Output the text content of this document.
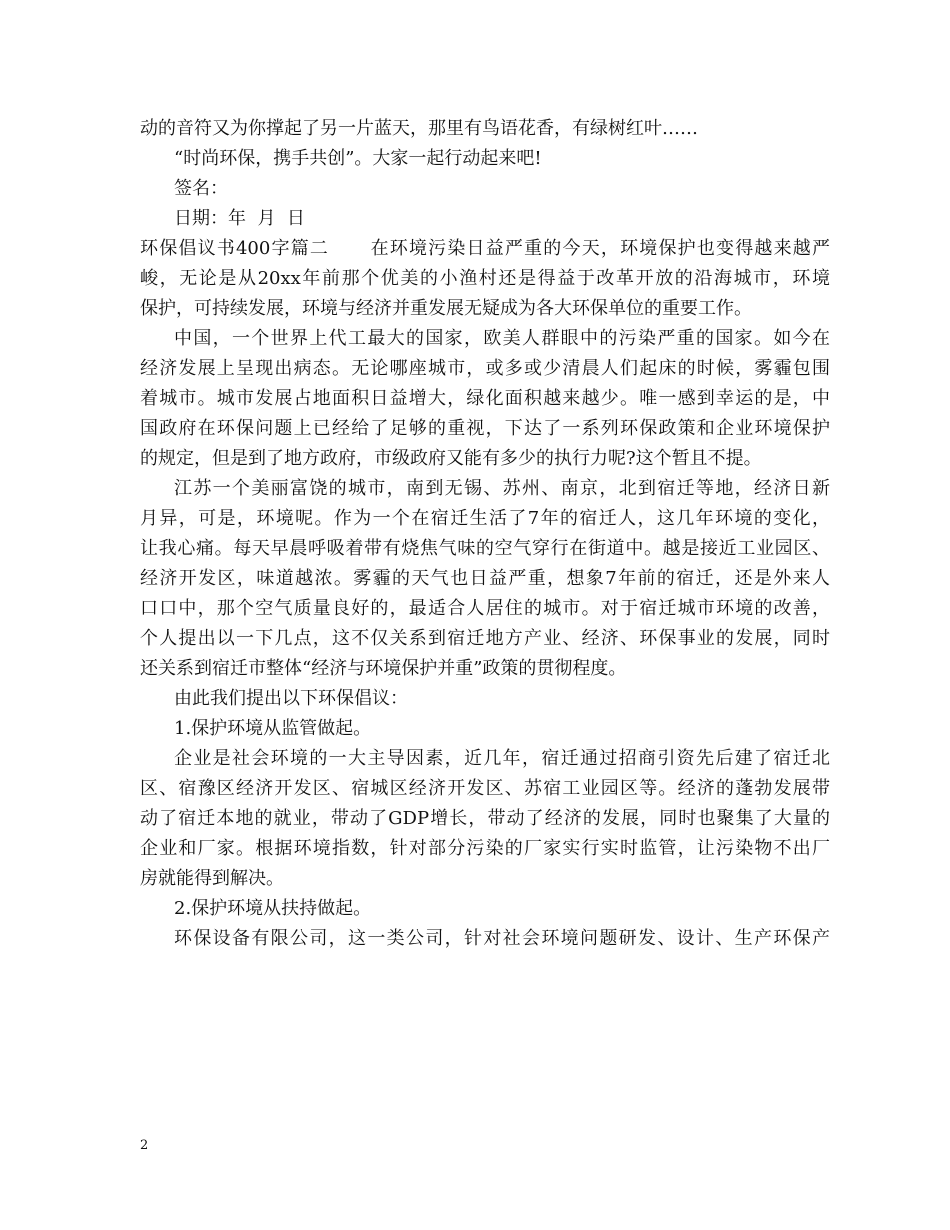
动的音符又为你撑起了另一片蓝天，那里有鸟语花香，有绿树红叶……

“时尚环保，携手共创”。大家一起行动起来吧!

签名：

日期：年  月  日

环保倡议书400字篇二      在环境污染日益严重的今天，环境保护也变得越来越严

峻，无论是从20xx年前那个优美的小渔村还是得益于改革开放的沿海城市，环境

保护，可持续发展，环境与经济并重发展无疑成为各大环保单位的重要工作。

中国，一个世界上代工最大的国家，欧美人群眼中的污染严重的国家。如今在

经济发展上呈现出病态。无论哪座城市，或多或少清晨人们起床的时候，雾霾包围

着城市。城市发展占地面积日益增大，绿化面积越来越少。唯一感到幸运的是，中

国政府在环保问题上已经给了足够的重视，下达了一系列环保政策和企业环境保护

的规定，但是到了地方政府，市级政府又能有多少的执行力呢?这个暂且不提。

江苏一个美丽富饶的城市，南到无锡、苏州、南京，北到宿迁等地，经济日新

月异，可是，环境呢。作为一个在宿迁生活了7年的宿迁人，这几年环境的变化，

让我心痛。每天早晨呼吸着带有烧焦气味的空气穿行在街道中。越是接近工业园区、

经济开发区，味道越浓。雾霾的天气也日益严重，想象7年前的宿迁，还是外来人

口口中，那个空气质量良好的，最适合人居住的城市。对于宿迁城市环境的改善，

个人提出以一下几点，这不仅关系到宿迁地方产业、经济、环保事业的发展，同时

还关系到宿迁市整体“经济与环境保护并重”政策的贯彻程度。

由此我们提出以下环保倡议：

1.保护环境从监管做起。

企业是社会环境的一大主导因素，近几年，宿迁通过招商引资先后建了宿迁北

区、宿豫区经济开发区、宿城区经济开发区、苏宿工业园区等。经济的蓬勃发展带

动了宿迁本地的就业，带动了GDP增长，带动了经济的发展，同时也聚集了大量的

企业和厂家。根据环境指数，针对部分污染的厂家实行实时监管，让污染物不出厂

房就能得到解决。

2.保护环境从扶持做起。

环保设备有限公司，这一类公司，针对社会环境问题研发、设计、生产环保产

2
